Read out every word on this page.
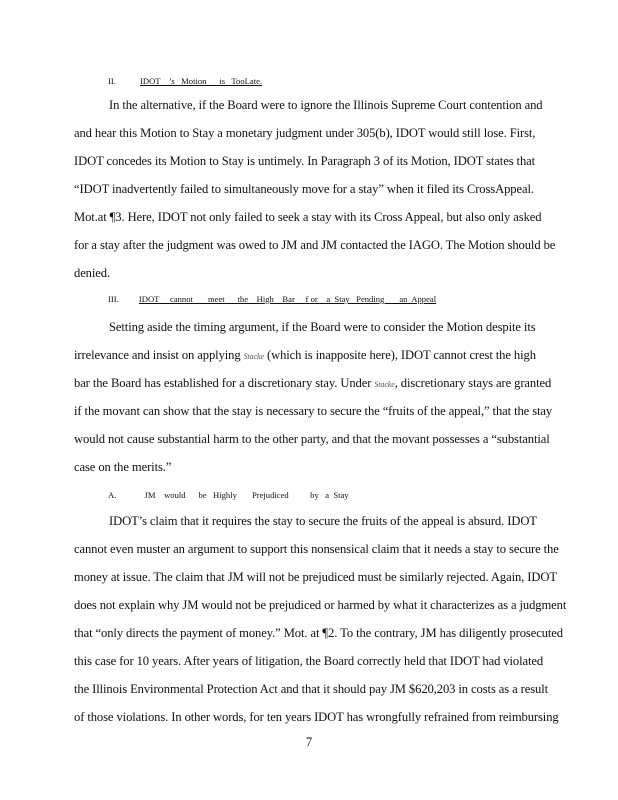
II.	IDOT    ’s   Motion      is   TooLate.
In the alternative, if the Board were to ignore the Illinois Supreme Court contention and
and hear this Motion to Stay a monetary judgment under 305(b), IDOT would still lose. First,
IDOT concedes its Motion to Stay is untimely. In Paragraph 3 of its Motion, IDOT states that
“IDOT inadvertently failed to simultaneously move for a stay” when it filed its CrossAppeal.
Mot.at ¶3. Here, IDOT not only failed to seek a stay with its Cross Appeal, but also only asked
for a stay after the judgment was owed to JM and JM contacted the IAGO. The Motion should be
denied.
III. IDOT     cannot       meet      the    High    Bar     f or    a  Stay   Pending       an  Appeal
Setting aside the timing argument, if the Board were to consider the Motion despite its
irrelevance and insist on applying Stacke (which is inapposite here), IDOT cannot crest the high
bar the Board has established for a discretionary stay. Under Stacke, discretionary stays are granted
if the movant can show that the stay is necessary to secure the “fruits of the appeal,” that the stay
would not cause substantial harm to the other party, and that the movant possesses a “substantial
case on the merits.”
A.	JM    would      be   Highly       Prejudiced          by   a  Stay
IDOT’s claim that it requires the stay to secure the fruits of the appeal is absurd. IDOT
cannot even muster an argument to support this nonsensical claim that it needs a stay to secure the
money at issue. The claim that JM will not be prejudiced must be similarly rejected. Again, IDOT
does not explain why JM would not be prejudiced or harmed by what it characterizes as a judgment
that “only directs the payment of money.” Mot. at ¶2. To the contrary, JM has diligently prosecuted
this case for 10 years. After years of litigation, the Board correctly held that IDOT had violated
the Illinois Environmental Protection Act and that it should pay JM $620,203 in costs as a result
of those violations. In other words, for ten years IDOT has wrongfully refrained from reimbursing
7
